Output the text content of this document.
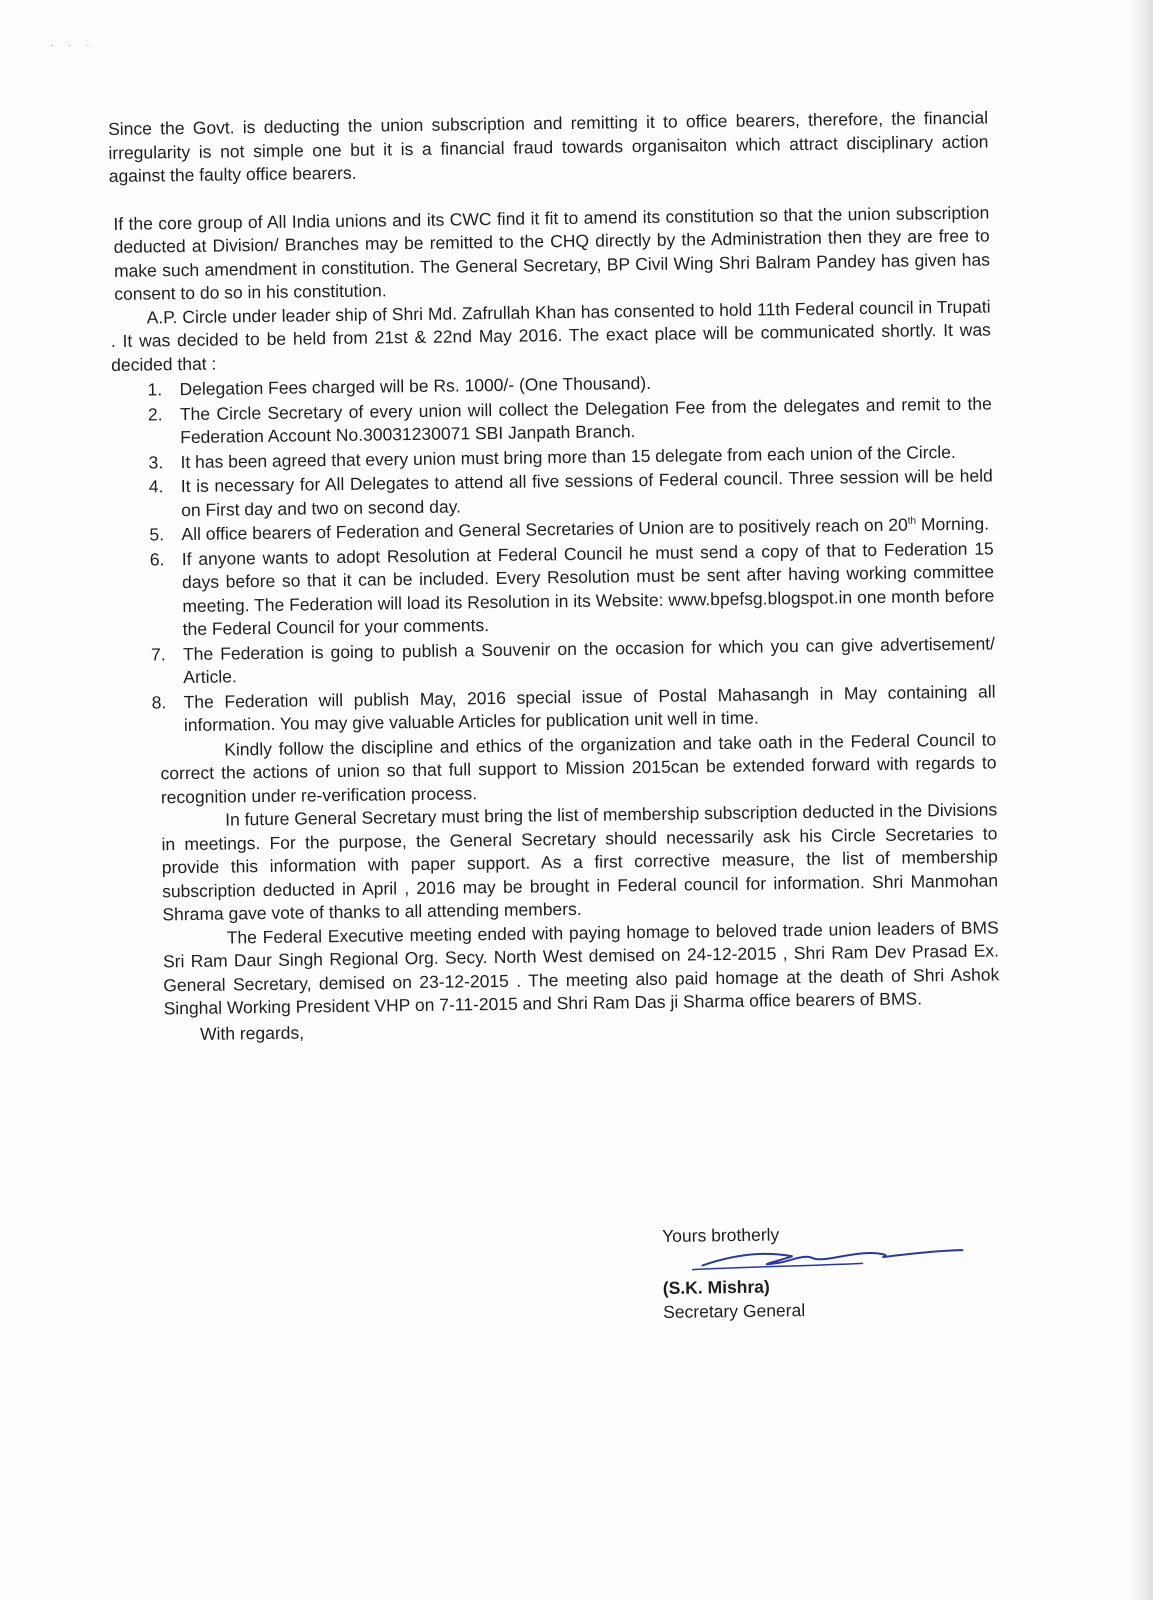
· · ·

Since the Govt. is deducting the union subscription and remitting it to office bearers, therefore, the financial irregularity is not simple one but it is a financial fraud towards organisaiton which attract disciplinary action against the faulty office bearers.

If the core group of All India unions and its CWC find it fit to amend its constitution so that the union subscription deducted at Division/ Branches may be remitted to the CHQ directly by the Administration then they are free to make such amendment in constitution. The General Secretary, BP Civil Wing Shri Balram Pandey has given has consent to do so in his constitution.

A.P. Circle under leader ship of Shri Md. Zafrullah Khan has consented to hold 11th Federal council in Trupati . It was decided to be held from 21st & 22nd May 2016. The exact place will be communicated shortly. It was decided that :

1. Delegation Fees charged will be Rs. 1000/- (One Thousand).
2. The Circle Secretary of every union will collect the Delegation Fee from the delegates and remit to the Federation Account No.30031230071 SBI Janpath Branch.
3. It has been agreed that every union must bring more than 15 delegate from each union of the Circle.
4. It is necessary for All Delegates to attend all five sessions of Federal council. Three session will be held on First day and two on second day.
5. All office bearers of Federation and General Secretaries of Union are to positively reach on 20th Morning.
6. If anyone wants to adopt Resolution at Federal Council he must send a copy of that to Federation 15 days before so that it can be included. Every Resolution must be sent after having working committee meeting. The Federation will load its Resolution in its Website: www.bpefsg.blogspot.in one month before the Federal Council for your comments.
7. The Federation is going to publish a Souvenir on the occasion for which you can give advertisement/ Article.
8. The Federation will publish May, 2016 special issue of Postal Mahasangh in May containing all information. You may give valuable Articles for publication unit well in time.

Kindly follow the discipline and ethics of the organization and take oath in the Federal Council to correct the actions of union so that full support to Mission 2015can be extended forward with regards to recognition under re-verification process.

In future General Secretary must bring the list of membership subscription deducted in the Divisions in meetings. For the purpose, the General Secretary should necessarily ask his Circle Secretaries to provide this information with paper support. As a first corrective measure, the list of membership subscription deducted in April , 2016 may be brought in Federal council for information. Shri Manmohan Shrama gave vote of thanks to all attending members.

The Federal Executive meeting ended with paying homage to beloved trade union leaders of BMS Sri Ram Daur Singh Regional Org. Secy. North West demised on 24-12-2015 , Shri Ram Dev Prasad Ex. General Secretary, demised on 23-12-2015 . The meeting also paid homage at the death of Shri Ashok Singhal Working President VHP on 7-11-2015 and Shri Ram Das ji Sharma office bearers of BMS.

With regards,
Yours brotherly
(S.K. Mishra)
Secretary General
